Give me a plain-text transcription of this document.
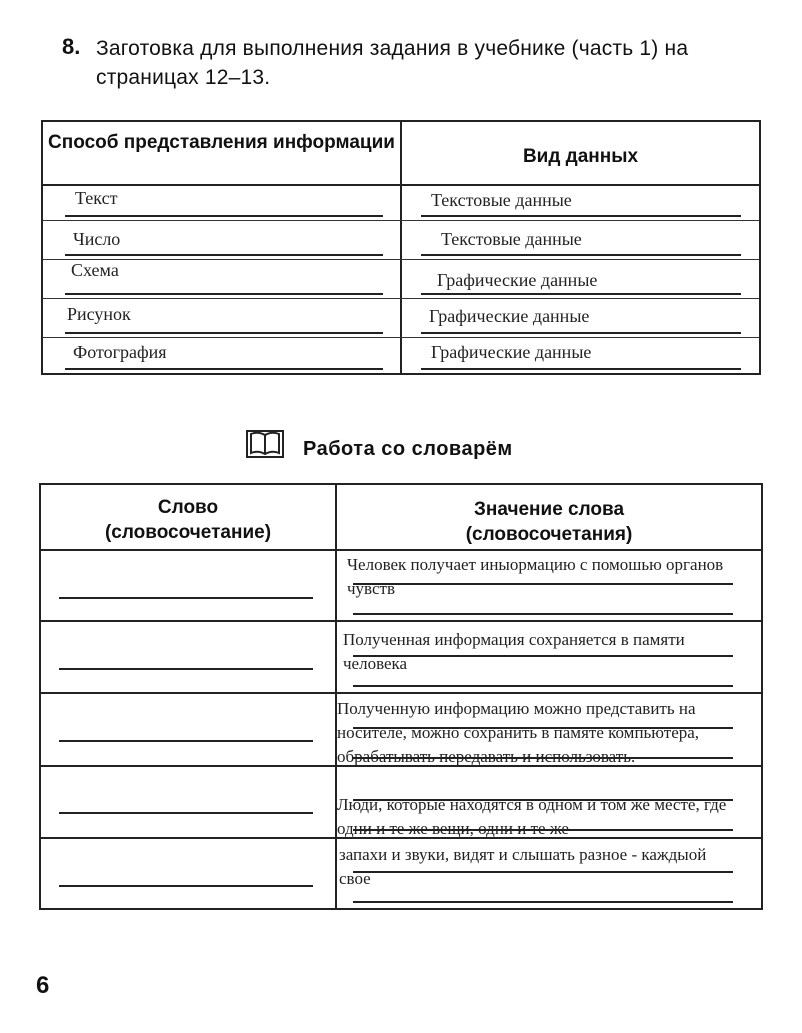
8. Заготовка для выполнения задания в учебнике (часть 1) на страницах 12–13.
Способ представления информации
Вид данных
Текст
Число
Схема
Рисунок
Фотография
Текстовые данные
Текстовые данные
Графические данные
Графические данные
Графические данные
Работа со словарём
Слово
(словосочетание)
Значение слова
(словосочетания)
Человек получает иныормацию с помошью органов чувств
Полученная информация сохраняется в памяти человека
Полученную информацию можно представить на носителе, можно сохранить в памяте компьютера, обрабатывать передавать и использовать.
Люди, которые находятся в одном и том же месте, где одни и те же вещи, одни и те же
запахи и звуки, видят и слышать разное - каждыой свое
6
